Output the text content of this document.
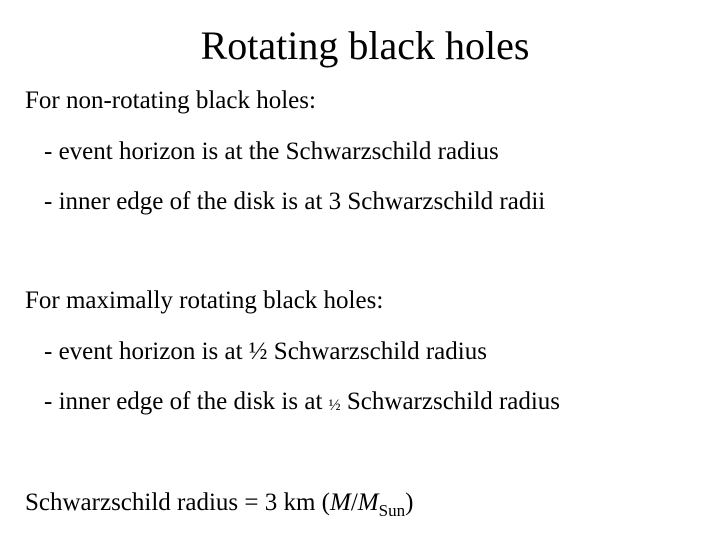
Rotating black holes
For non-rotating black holes:
- event horizon is at the Schwarzschild radius
- inner edge of the disk is at 3 Schwarzschild radii
For maximally rotating black holes:
- event horizon is at ½ Schwarzschild radius
- inner edge of the disk is at ½ Schwarzschild radius
Schwarzschild radius = 3 km $(M/M_{Sun})$
